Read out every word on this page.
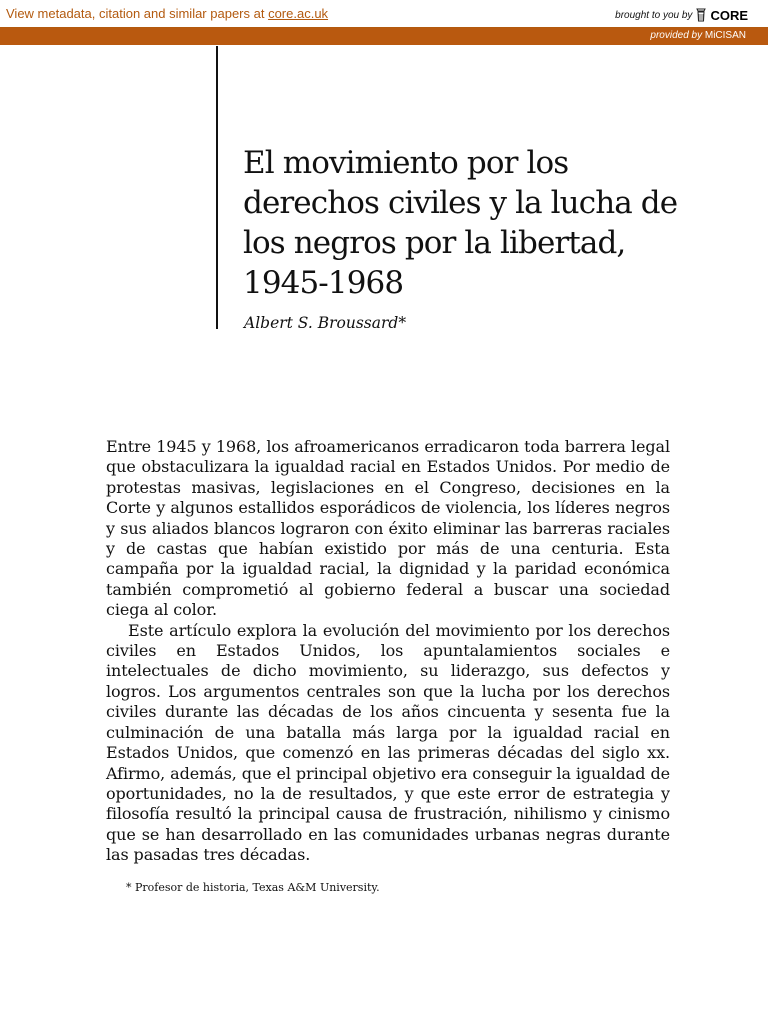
View metadata, citation and similar papers at core.ac.uk	brought to you by CORE
provided by MiCISAN
El movimiento por los derechos civiles y la lucha de los negros por la libertad, 1945-1968
Albert S. Broussard*

Entre 1945 y 1968, los afroamericanos erradicaron toda barrera legal que obstaculizara la igualdad racial en Estados Unidos. Por medio de protestas masivas, legislaciones en el Congreso, decisiones en la Corte y algunos estallidos esporádicos de violencia, los líderes negros y sus aliados blancos lograron con éxito eliminar las barreras raciales y de castas que habían existido por más de una centuria. Esta campaña por la igualdad racial, la dignidad y la paridad económica también comprometió al gobierno federal a buscar una sociedad ciega al color.

Este artículo explora la evolución del movimiento por los derechos civiles en Estados Unidos, los apuntalamientos sociales e intelectuales de dicho movimiento, su liderazgo, sus defectos y logros. Los argumentos centrales son que la lucha por los derechos civiles durante las décadas de los años cincuenta y sesenta fue la culminación de una batalla más larga por la igualdad racial en Estados Unidos, que comenzó en las primeras décadas del siglo xx. Afirmo, además, que el principal objetivo era conseguir la igualdad de oportunidades, no la de resultados, y que este error de estrategia y filosofía resultó la principal causa de frustración, nihilismo y cinismo que se han desarrollado en las comunidades urbanas negras durante las pasadas tres décadas.

* Profesor de historia, Texas A&M University.
